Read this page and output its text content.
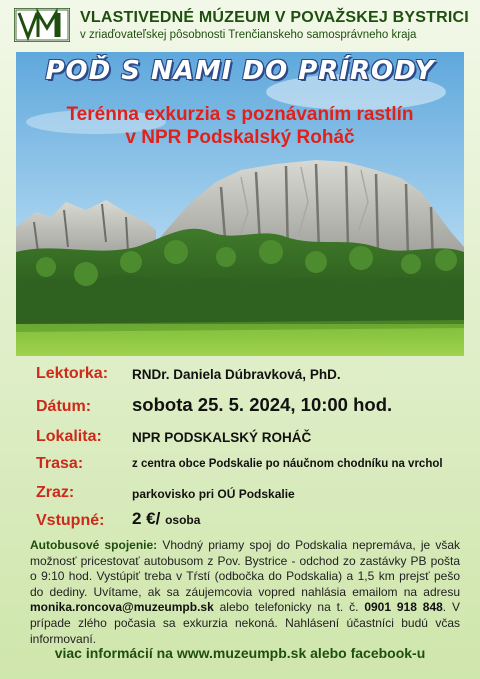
VLASTIVEDNÉ MÚZEUM V POVAŽSKEJ BYSTRICI
v zriaďovateľskej pôsobnosti Trenčianskeho samosprávneho kraja
POĎ S NAMI DO PRÍRODY
Terénna exkurzia s poznávaním rastlín
v NPR Podskalský Roháč
Lektorka: RNDr. Daniela Dúbravková, PhD.
Dátum: sobota 25. 5. 2024, 10:00 hod.
Lokalita: NPR PODSKALSKÝ ROHÁČ
Trasa:	z centra obce Podskalie po náučnom chodníku na vrchol
Zraz:	parkovisko pri OÚ Podskalie
Vstupné: 2 €/ osoba
Autobusové spojenie: Vhodný priamy spoj do Podskalia nepremáva, je však možnosť pricestovať autobusom z Pov. Bystrice - odchod zo zastávky PB pošta o 9:10 hod. Vystúpiť treba v Tŕstí (odbočka do Podskalia) a 1,5 km prejsť pešo do dediny. Uvítame, ak sa záujemcovia vopred nahlásia emailom na adresu monika.roncova@muzeumpb.sk alebo telefonicky na t. č. 0901 918 848. V prípade zlého počasia sa exkurzia nekoná. Nahlásení účastníci budú včas informovaní.
viac informácií na www.muzeumpb.sk alebo facebook-u
